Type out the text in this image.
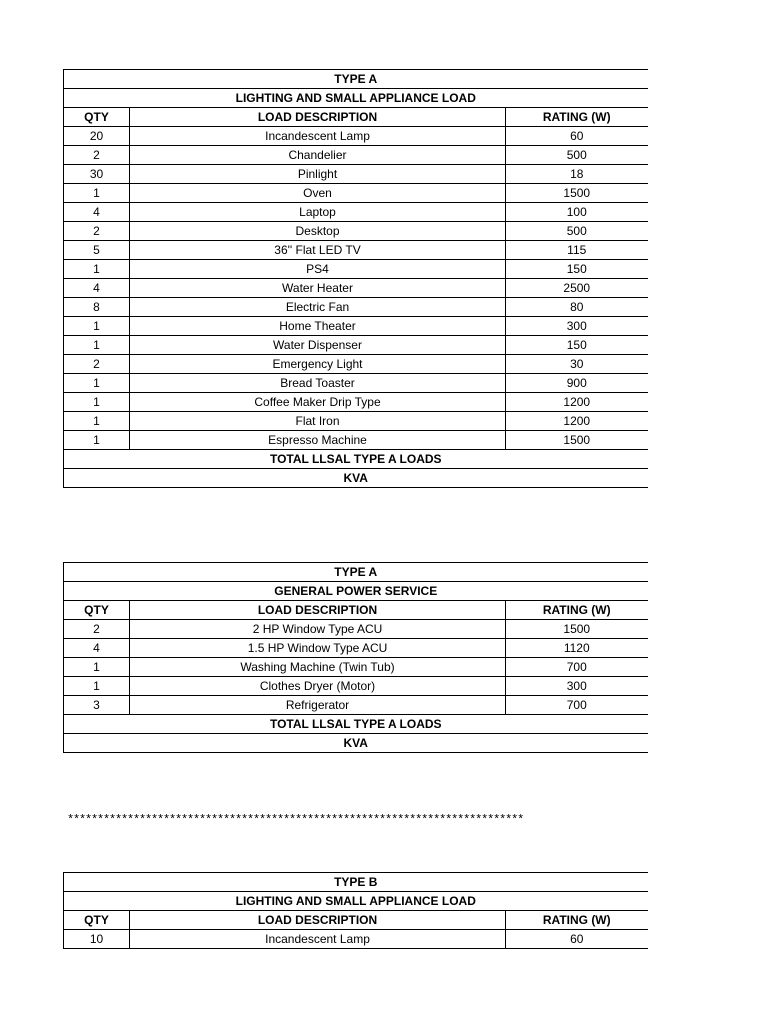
TYPE A		
LIGHTING AND SMALL APPLIANCE LOAD		
QTY	LOAD DESCRIPTION	RATING (W)
20	Incandescent Lamp	60
2	Chandelier	500
30	Pinlight	18
1	Oven	1500
4	Laptop	100
2	Desktop	500
5	36'' Flat LED TV	115
1	PS4	150
4	Water Heater	2500
8	Electric Fan	80
1	Home Theater	300
1	Water Dispenser	150
2	Emergency Light	30
1	Bread Toaster	900
1	Coffee Maker Drip Type	1200
1	Flat Iron	1200
1	Espresso Machine	1500
TOTAL LLSAL TYPE A LOADS		
KVA		
TYPE A		
GENERAL POWER SERVICE		
QTY	LOAD DESCRIPTION	RATING (W)
2	2 HP Window Type ACU	1500
4	1.5 HP Window Type ACU	1120
1	Washing Machine (Twin Tub)	700
1	Clothes Dryer (Motor)	300
3	Refrigerator	700
TOTAL LLSAL TYPE A LOADS		
KVA		
****************************************************************************
TYPE B		
LIGHTING AND SMALL APPLIANCE LOAD		
QTY	LOAD DESCRIPTION	RATING (W)
10	Incandescent Lamp	60
